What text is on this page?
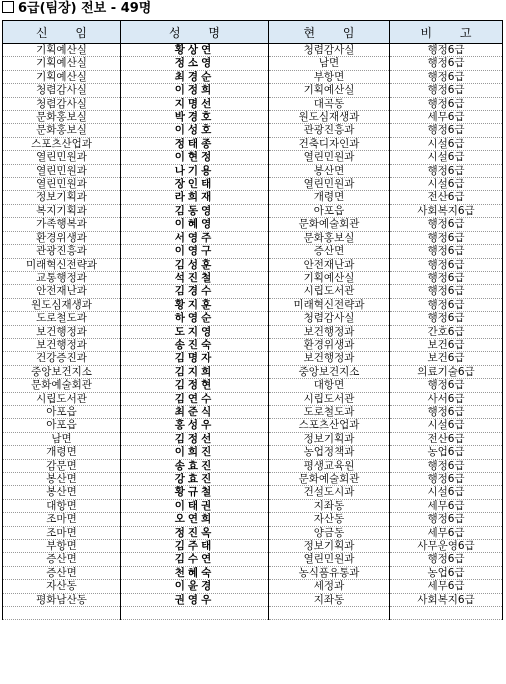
6급(팀장) 전보 - 49명
신 임	성 명	현 임	비 고
기획예산실	황상연	청렴감사실	행정6급
기획예산실	정소영	남면	행정6급
기획예산실	최경순	부항면	행정6급
청렴감사실	이정희	기획예산실	행정6급
청렴감사실	지명선	대곡동	행정6급
문화홍보실	박경호	원도심재생과	세무6급
문화홍보실	이성호	관광진흥과	행정6급
스포츠산업과	정태종	건축디자인과	시설6급
열린민원과	이현정	열린민원과	시설6급
열린민원과	나기용	봉산면	행정6급
열린민원과	장인태	열린민원과	시설6급
정보기획과	라희재	개령면	전산6급
복지기획과	김동영	아포읍	사회복지6급
가족행복과	이혜영	문화예술회관	행정6급
환경위생과	서영주	문화홍보실	행정6급
관광진흥과	이영구	증산면	행정6급
미래혁신전략과	김성훈	안전재난과	행정6급
교통행정과	석진철	기획예산실	행정6급
안전재난과	김경수	시립도서관	행정6급
원도심재생과	황지훈	미래혁신전략과	행정6급
도로철도과	하영순	청렴감사실	행정6급
보건행정과	도지영	보건행정과	간호6급
보건행정과	송진숙	환경위생과	보건6급
건강증진과	김명자	보건행정과	보건6급
중앙보건지소	김지희	중앙보건지소	의료기술6급
문화예술회관	김정현	대항면	행정6급
시립도서관	김연수	시립도서관	사서6급
아포읍	최준식	도로철도과	행정6급
아포읍	홍성우	스포츠산업과	시설6급
남면	김정선	정보기획과	전산6급
개령면	이희진	농업정책과	농업6급
감문면	송효진	평생교육원	행정6급
봉산면	강효진	문화예술회관	행정6급
봉산면	황규철	건설도시과	시설6급
대항면	이태권	지좌동	세무6급
조마면	오연희	자산동	행정6급
조마면	정진옥	양금동	세무6급
부항면	김주태	정보기획과	사무운영6급
증산면	김수연	열린민원과	행정6급
증산면	천혜숙	농식품유통과	농업6급
자산동	이윤경	세정과	세무6급
평화남산동	권영우	지좌동	사회복지6급
